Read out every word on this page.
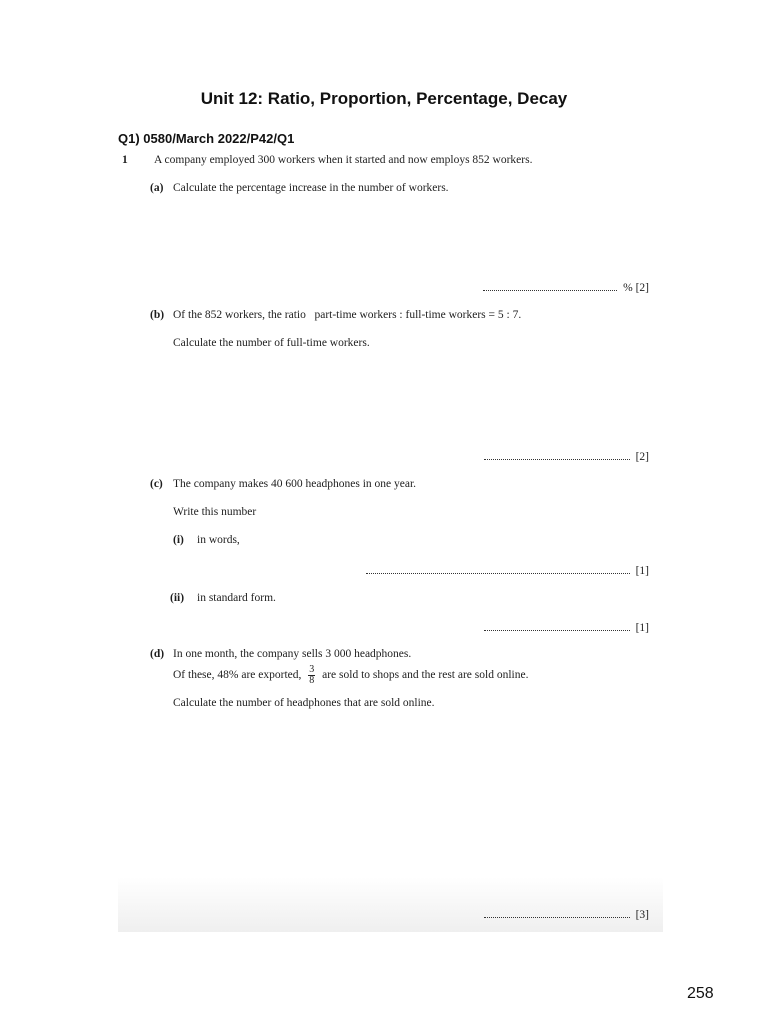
Unit 12: Ratio, Proportion, Percentage, Decay
Q1) 0580/March 2022/P42/Q1
1 A company employed 300 workers when it started and now employs 852 workers.
(a) Calculate the percentage increase in the number of workers.
% [2]
(b) Of the 852 workers, the ratio   part-time workers : full-time workers = 5 : 7.
Calculate the number of full-time workers.
[2]
(c) The company makes 40 600 headphones in one year.
Write this number
(i) in words,
[1]
(ii) in standard form.
[1]
(d) In one month, the company sells 3 000 headphones.
Of these, 48% are exported, $\frac{3}{8}$ are sold to shops and the rest are sold online.
Calculate the number of headphones that are sold online.
[3]
258
